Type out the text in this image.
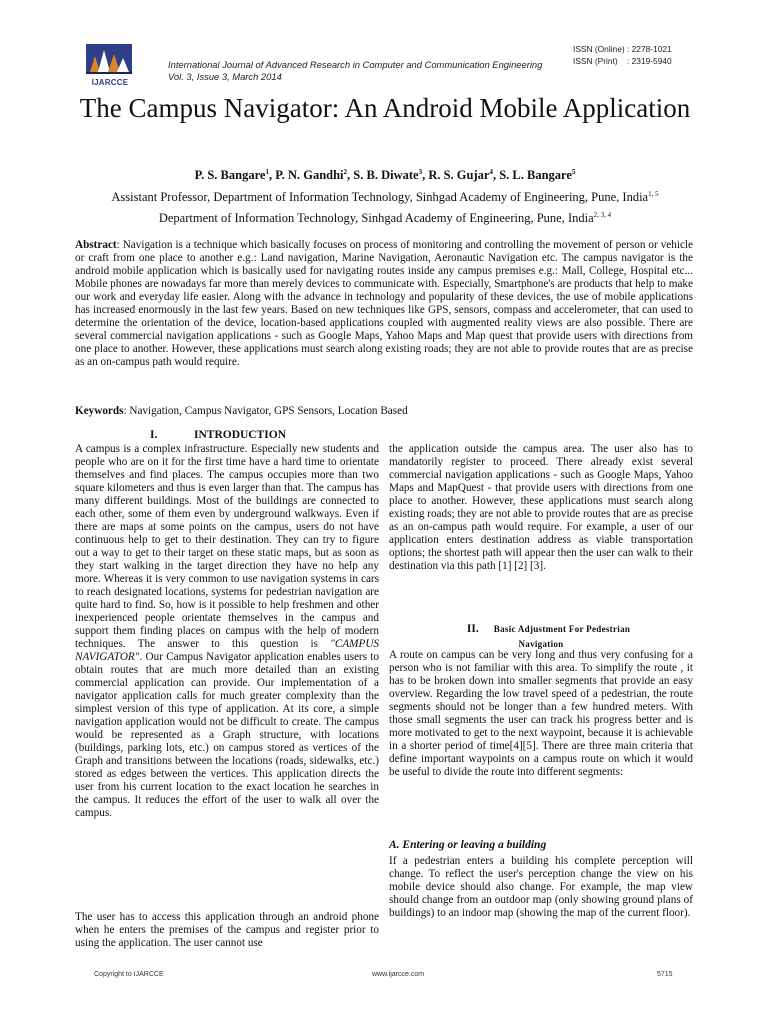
IJARCCE
International Journal of Advanced Research in Computer and Communication Engineering
Vol. 3, Issue 3, March 2014
ISSN (Online) : 2278-1021
ISSN (Print)    : 2319-5940
The Campus Navigator: An Android Mobile Application
P. S. Bangare$^1$, P. N. Gandhi$^2$, S. B. Diwate$^3$, R. S. Gujar$^4$, S. L. Bangare$^5$
Assistant Professor, Department of Information Technology, Sinhgad Academy of Engineering, Pune, India$^{1, 5}$
Department of Information Technology, Sinhgad Academy of Engineering, Pune, India$^{2, 3, 4}$
Abstract: Navigation is a technique which basically focuses on process of monitoring and controlling the movement of person or vehicle or craft from one place to another e.g.: Land navigation, Marine Navigation, Aeronautic Navigation etc. The campus navigator is the android mobile application which is basically used for navigating routes inside any campus premises e.g.: Mall, College, Hospital etc... Mobile phones are nowadays far more than merely devices to communicate with. Especially, Smartphone's are products that help to make our work and everyday life easier. Along with the advance in technology and popularity of these devices, the use of mobile applications has increased enormously in the last few years. Based on new techniques like GPS, sensors, compass and accelerometer, that can used to determine the orientation of the device, location-based applications coupled with augmented reality views are also possible. There are several commercial navigation applications - such as Google Maps, Yahoo Maps and Map quest that provide users with directions from one place to another. However, these applications must search along existing roads; they are not able to provide routes that are as precise as an on-campus path would require.
Keywords: Navigation, Campus Navigator, GPS Sensors, Location Based
I.	INTRODUCTION
A campus is a complex infrastructure. Especially new students and people who are on it for the first time have a hard time to orientate themselves and find places. The campus occupies more than two square kilometers and thus is even larger than that. The campus has many different buildings. Most of the buildings are connected to each other, some of them even by underground walkways. Even if there are maps at some points on the campus, users do not have continuous help to get to their destination. They can try to figure out a way to get to their target on these static maps, but as soon as they start walking in the target direction they have no help any more. Whereas it is very common to use navigation systems in cars to reach designated locations, systems for pedestrian navigation are quite hard to find. So, how is it possible to help freshmen and other inexperienced people orientate themselves in the campus and support them finding places on campus with the help of modern techniques. The answer to this question is "CAMPUS NAVIGATOR". Our Campus Navigator application enables users to obtain routes that are much more detailed than an existing commercial application can provide. Our implementation of a navigator application calls for much greater complexity than the simplest version of this type of application. At its core, a simple navigation application would not be difficult to create. The campus would be represented as a Graph structure, with locations (buildings, parking lots, etc.) on campus stored as vertices of the Graph and transitions between the locations (roads, sidewalks, etc.) stored as edges between the vertices. This application directs the user from his current location to the exact location he searches in the campus. It reduces the effort of the user to walk all over the campus.
The user has to access this application through an android phone when he enters the premises of the campus and register prior to using the application. The user cannot use
the application outside the campus area. The user also has to mandatorily register to proceed. There already exist several commercial navigation applications - such as Google Maps, Yahoo Maps and MapQuest - that provide users with directions from one place to another. However, these applications must search along existing roads; they are not able to provide routes that are as precise as an on-campus path would require. For example, a user of our application enters destination address as viable transportation options; the shortest path will appear then the user can walk to their destination via this path [1] [2] [3].
II. Basic Adjustment For Pedestrian
Navigation
A route on campus can be very long and thus very confusing for a person who is not familiar with this area. To simplify the route , it has to be broken down into smaller segments that provide an easy overview. Regarding the low travel speed of a pedestrian, the route segments should not be longer than a few hundred meters. With those small segments the user can track his progress better and is more motivated to get to the next waypoint, because it is achievable in a shorter period of time[4][5]. There are three main criteria that define important waypoints on a campus route on which it would be useful to divide the route into different segments:
A. Entering or leaving a building
If a pedestrian enters a building his complete perception will change. To reflect the user's perception change the view on his mobile device should also change. For example, the map view should change from an outdoor map (only showing ground plans of buildings) to an indoor map (showing the map of the current floor).
Copyright to IJARCCE	www.ijarcce.com	5715
